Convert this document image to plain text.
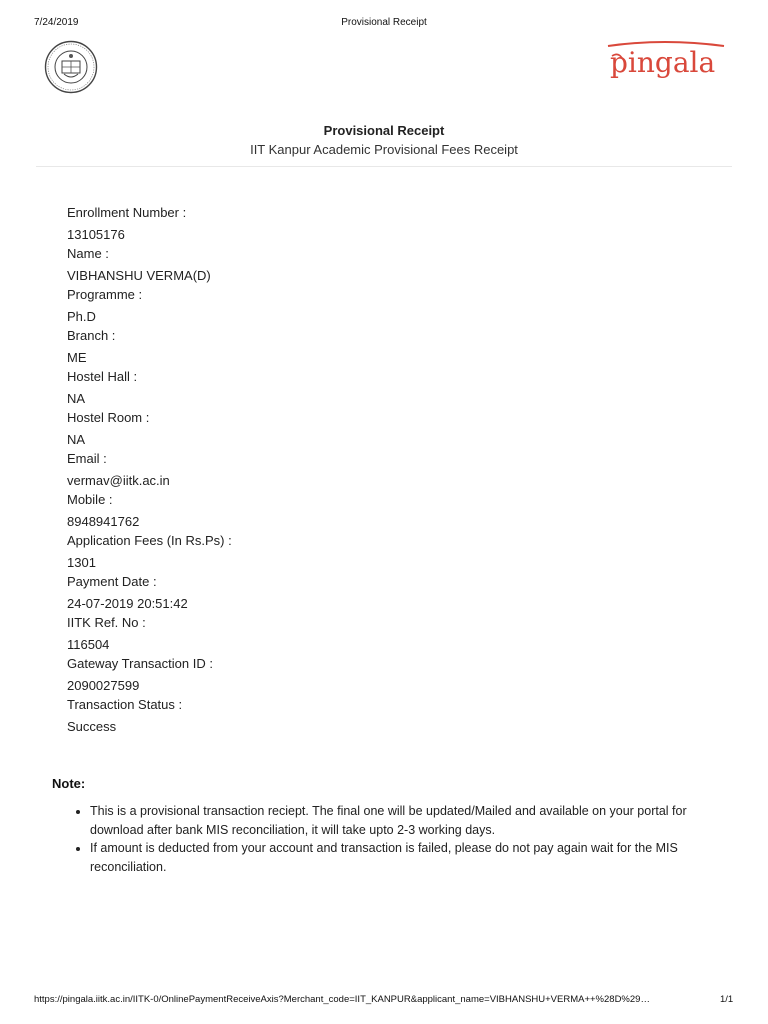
7/24/2019	Provisional Receipt
pingala
Provisional Receipt
IIT Kanpur Academic Provisional Fees Receipt
Enrollment Number :
13105176
Name :
VIBHANSHU VERMA(D)
Programme :
Ph.D
Branch :
ME
Hostel Hall :
NA
Hostel Room :
NA
Email :
vermav@iitk.ac.in
Mobile :
8948941762
Application Fees (In Rs.Ps) :
1301
Payment Date :
24-07-2019 20:51:42
IITK Ref. No :
116504
Gateway Transaction ID :
2090027599
Transaction Status :
Success
Note:
• This is a provisional transaction reciept. The final one will be updated/Mailed and available on your portal for download after bank MIS reconciliation, it will take upto 2-3 working days.
• If amount is deducted from your account and transaction is failed, please do not pay again wait for the MIS reconciliation.
https://pingala.iitk.ac.in/IITK-0/OnlinePaymentReceiveAxis?Merchant_code=IIT_KANPUR&applicant_name=VIBHANSHU+VERMA++%28D%29…	1/1
